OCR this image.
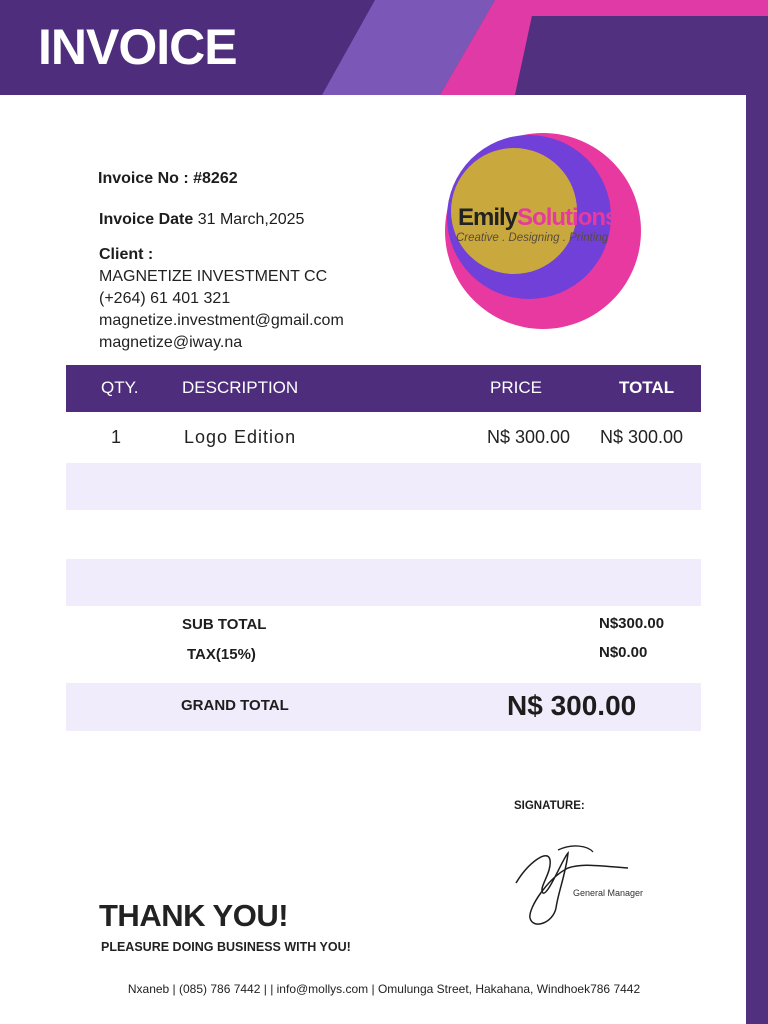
INVOICE
Invoice No : #8262
Invoice Date 31 March,2025
Client :
MAGNETIZE INVESTMENT CC
(+264) 61 401 321
magnetize.investment@gmail.com
magnetize@iway.na
EmilySolutions
Creative . Designing . Printing
QTY.	DESCRIPTION	PRICE	TOTAL
1	Logo Edition	N$ 300.00 N$ 300.00
SUB TOTAL	N$300.00
TAX(15%)	N$0.00
GRAND TOTAL	N$ 300.00
SIGNATURE:
General Manager
THANK YOU!
PLEASURE DOING BUSINESS WITH YOU!
Nxaneb | (085) 786 7442 | | info@mollys.com | Omulunga Street, Hakahana, Windhoek786 7442
